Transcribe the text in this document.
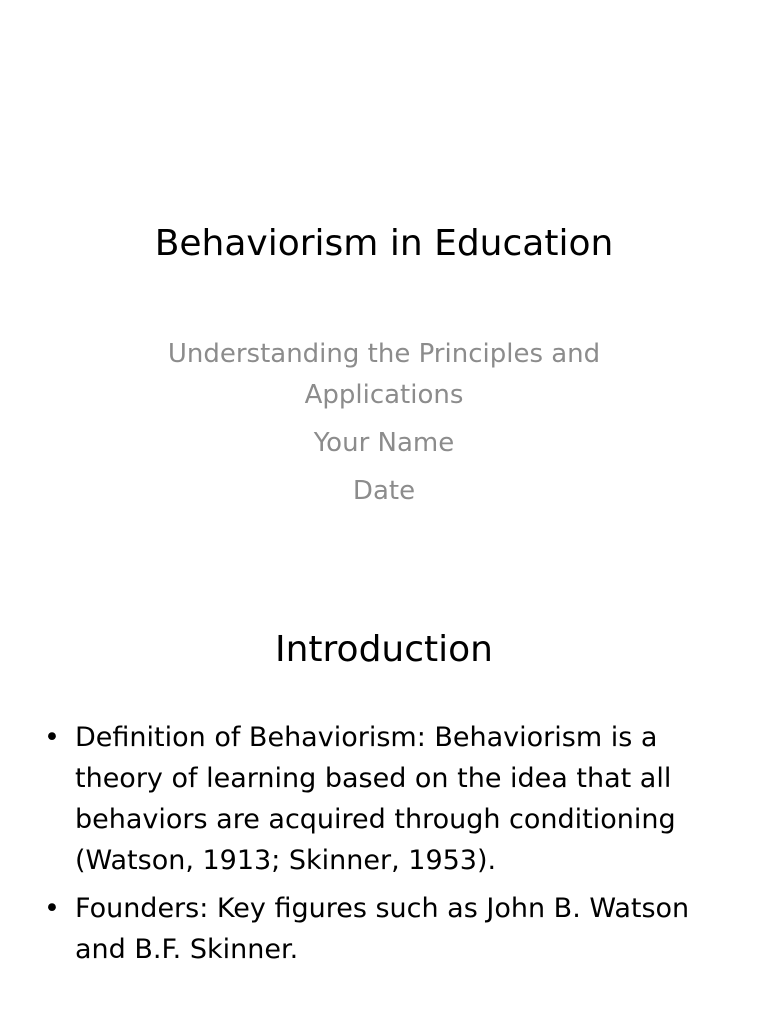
Behaviorism in Education

Understanding the Principles and Applications

Your Name

Date

Introduction
• Definition of Behaviorism: Behaviorism is a theory of learning based on the idea that all behaviors are acquired through conditioning (Watson, 1913; Skinner, 1953).
• Founders: Key figures such as John B. Watson and B.F. Skinner.
